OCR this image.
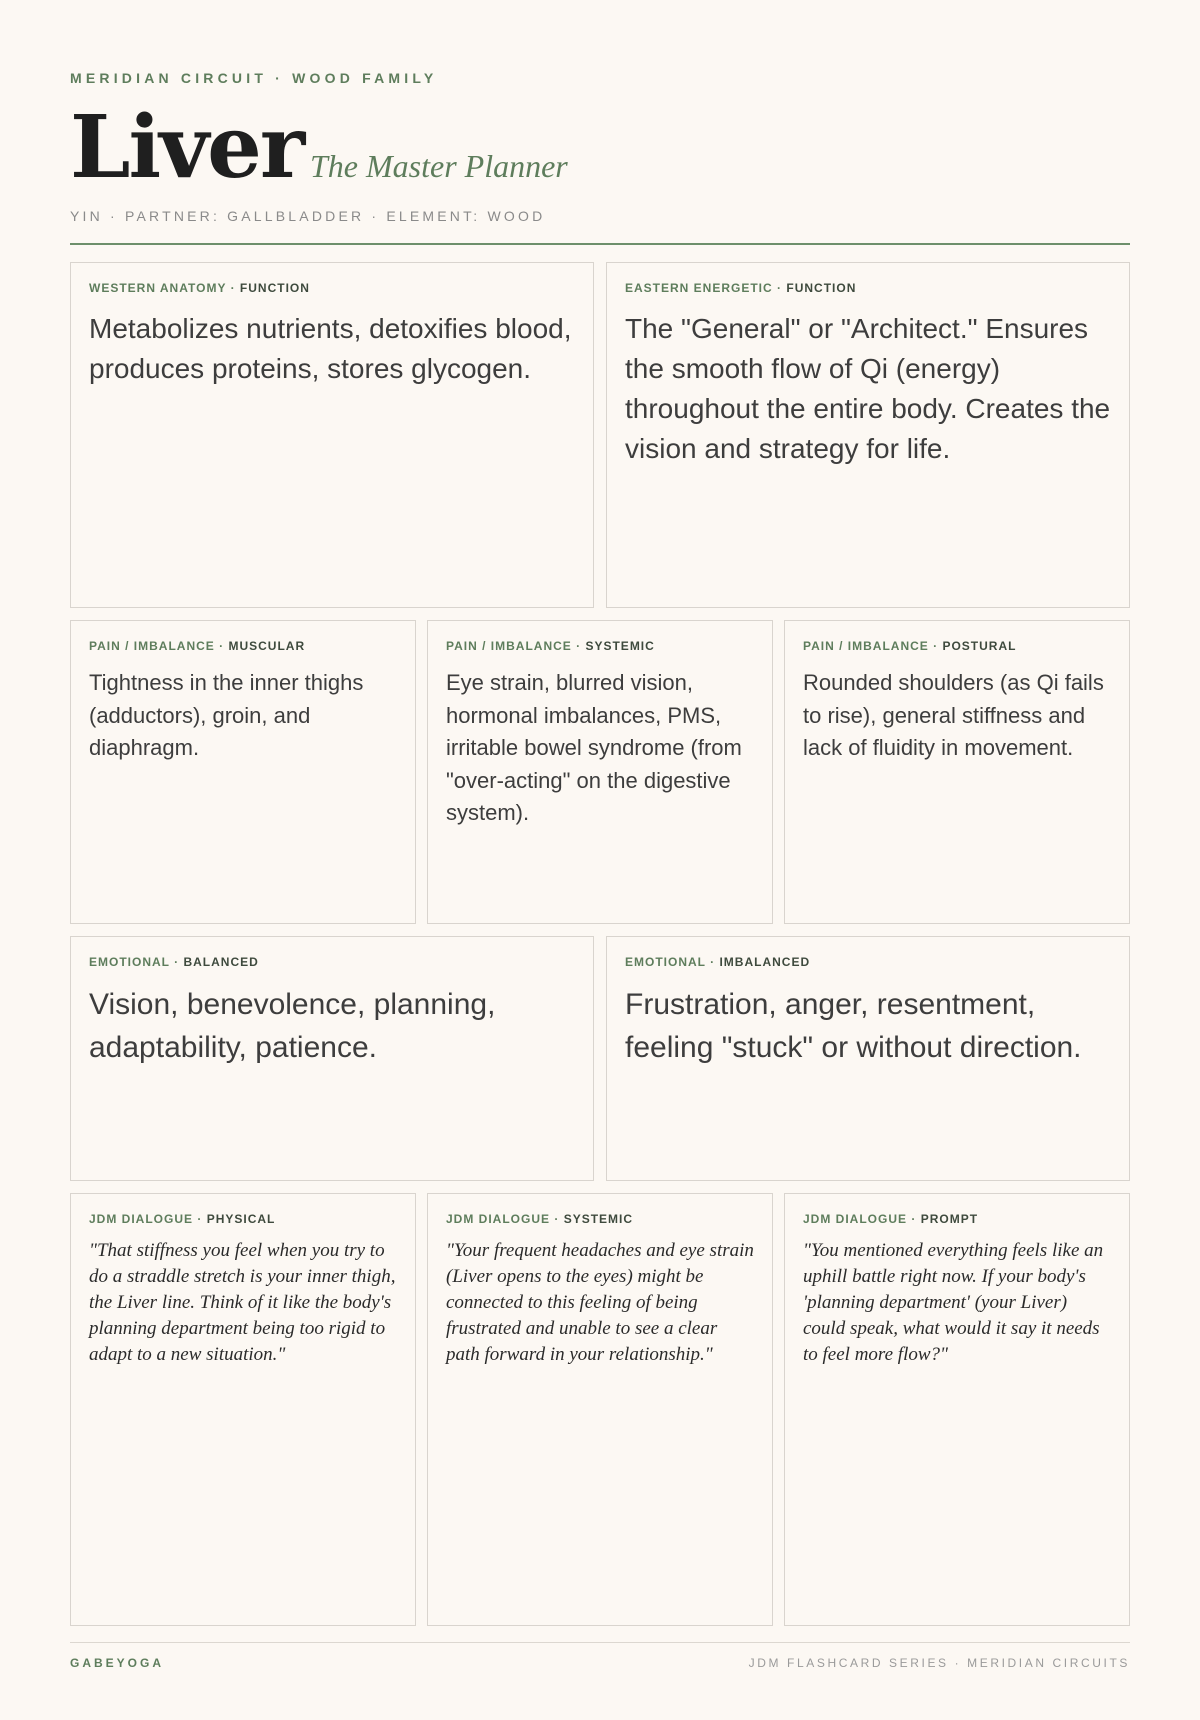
MERIDIAN CIRCUIT · WOOD FAMILY
Liver The Master Planner
YIN · PARTNER: GALLBLADDER · ELEMENT: WOOD
WESTERN ANATOMY · FUNCTION
Metabolizes nutrients, detoxifies blood, produces proteins, stores glycogen.
EASTERN ENERGETIC · FUNCTION
The "General" or "Architect." Ensures the smooth flow of Qi (energy) throughout the entire body. Creates the vision and strategy for life.
PAIN / IMBALANCE · MUSCULAR
Tightness in the inner thighs (adductors), groin, and diaphragm.
PAIN / IMBALANCE · SYSTEMIC
Eye strain, blurred vision, hormonal imbalances, PMS, irritable bowel syndrome (from "over-acting" on the digestive system).
PAIN / IMBALANCE · POSTURAL
Rounded shoulders (as Qi fails to rise), general stiffness and lack of fluidity in movement.
EMOTIONAL · BALANCED
Vision, benevolence, planning, adaptability, patience.
EMOTIONAL · IMBALANCED
Frustration, anger, resentment, feeling "stuck" or without direction.
JDM DIALOGUE · PHYSICAL
"That stiffness you feel when you try to do a straddle stretch is your inner thigh, the Liver line. Think of it like the body's planning department being too rigid to adapt to a new situation."
JDM DIALOGUE · SYSTEMIC
"Your frequent headaches and eye strain (Liver opens to the eyes) might be connected to this feeling of being frustrated and unable to see a clear path forward in your relationship."
JDM DIALOGUE · PROMPT
"You mentioned everything feels like an uphill battle right now. If your body's 'planning department' (your Liver) could speak, what would it say it needs to feel more flow?"
GABEYOGA	JDM FLASHCARD SERIES · MERIDIAN CIRCUITS
